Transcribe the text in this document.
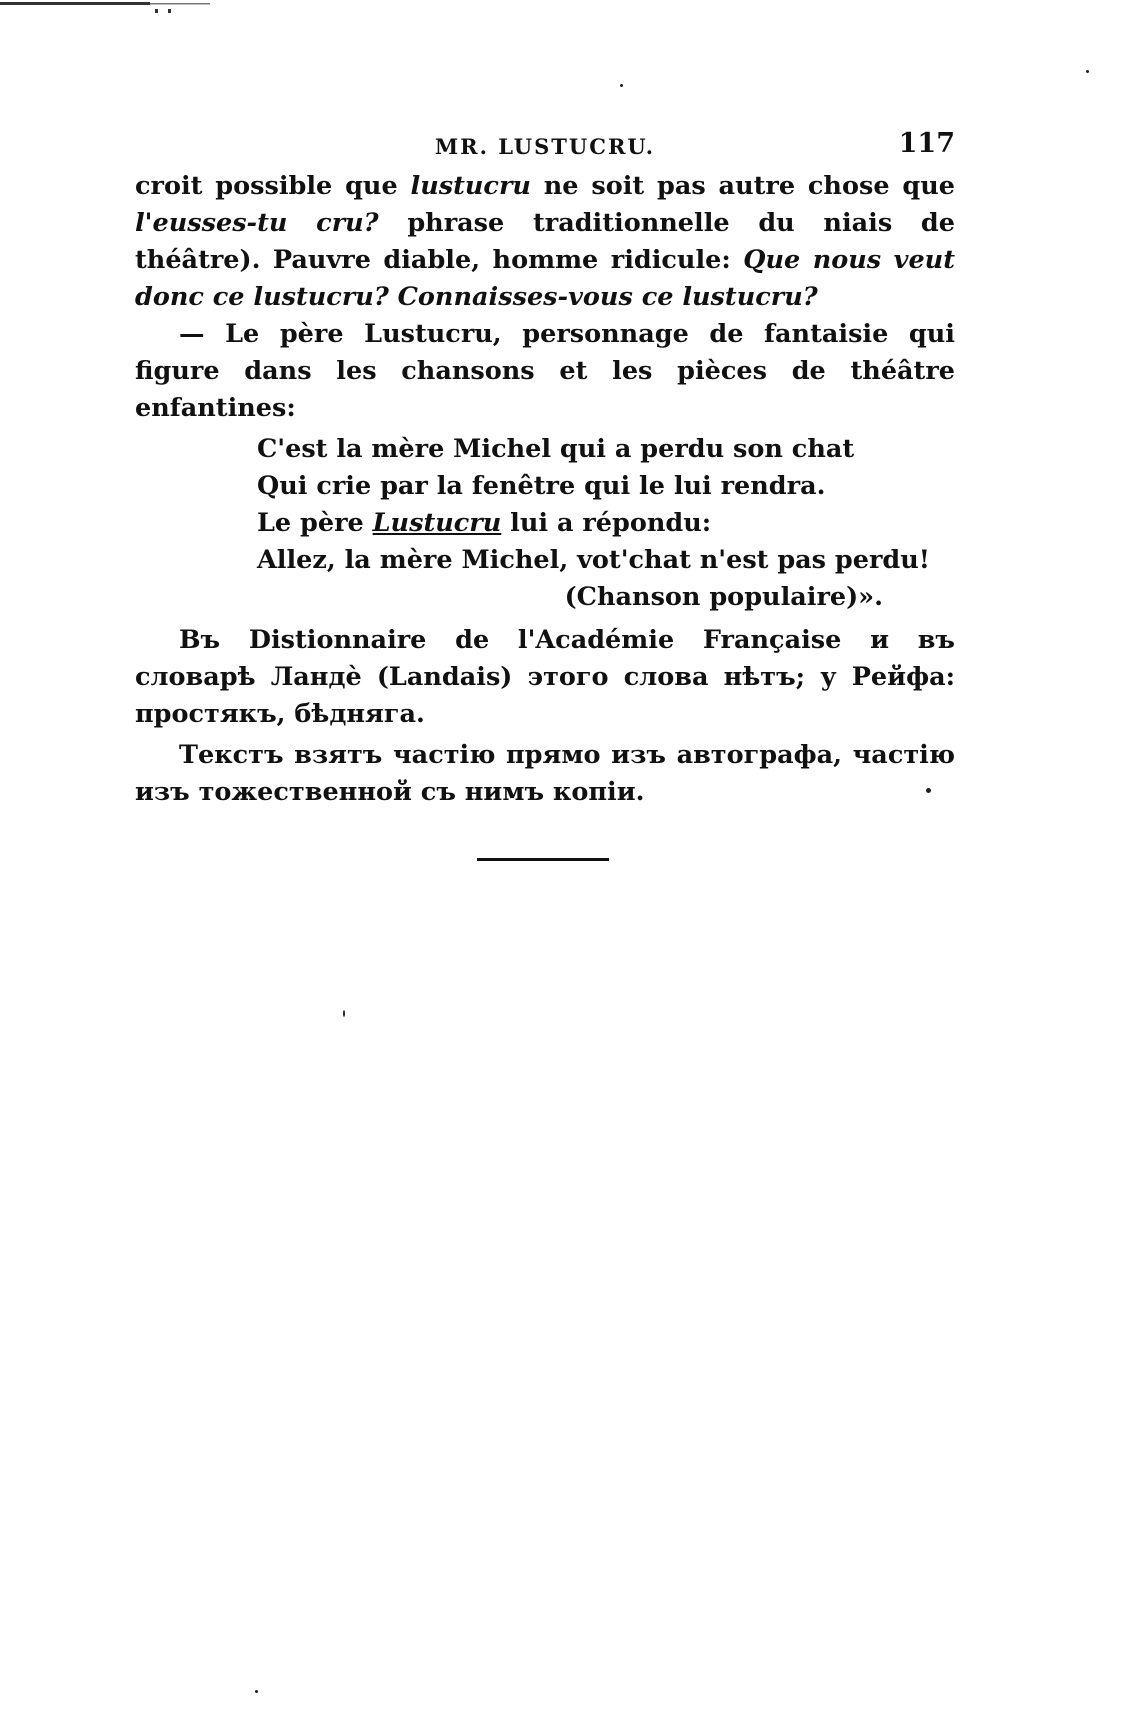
MR. LUSTUCRU.	117

croit possible que lustucru ne soit pas autre chose que l'eusses-tu cru? phrase traditionnelle du niais de théâtre). Pauvre diable, homme ridicule: Que nous veut donc ce lustucru? Connaisses-vous ce lustucru?

— Le père Lustucru, personnage de fantaisie qui figure dans les chansons et les pièces de théâtre enfantines:

C'est la mère Michel qui a perdu son chat
Qui crie par la fenêtre qui le lui rendra.
Le père Lustucru lui a répondu:
Allez, la mère Michel, vot'chat n'est pas perdu!
(Chanson populaire)».

Въ Distionnaire de l'Académie Française и въ словарѣ Ландѐ (Landais) этого слова нѣтъ; у Рейфа: простякъ, бѣдняга.

Текстъ взятъ частію прямо изъ автографа, частію изъ тожественной съ нимъ копіи.
